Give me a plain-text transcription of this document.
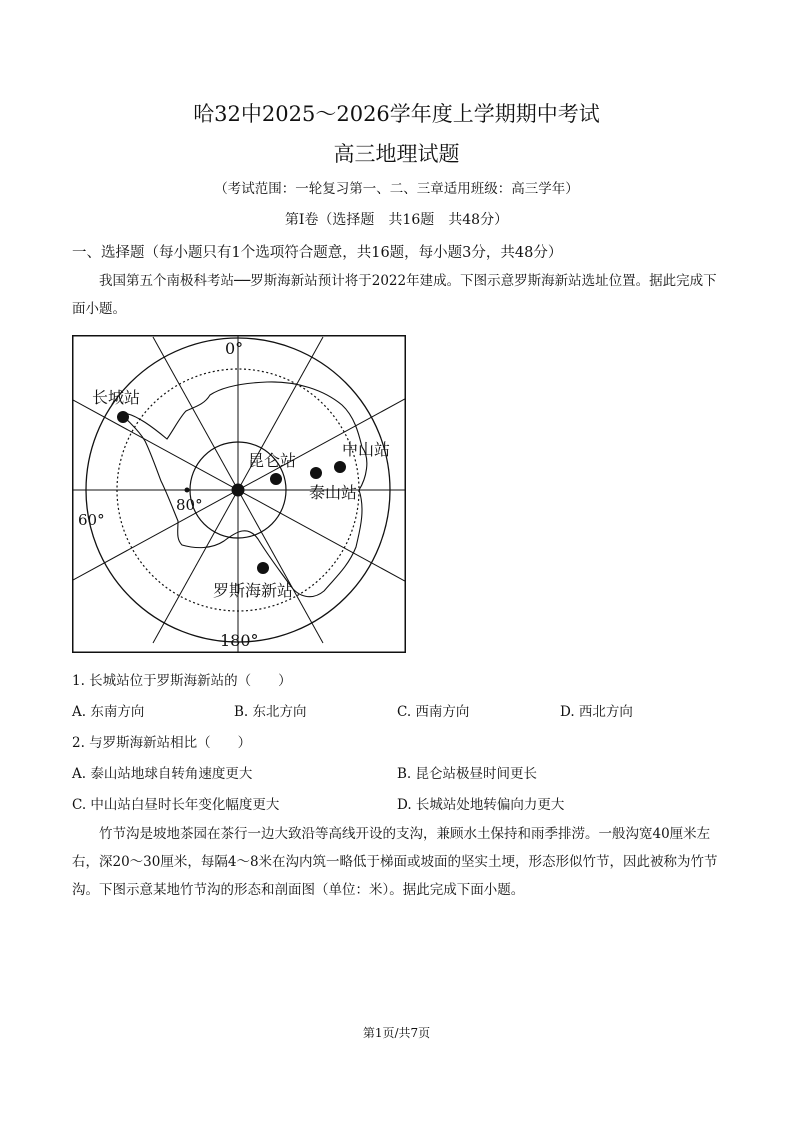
哈32中2025～2026学年度上学期期中考试
高三地理试题
（考试范围：一轮复习第一、二、三章适用班级：高三学年）
第Ⅰ卷（选择题　共16题　共48分）
一、选择题（每小题只有1个选项符合题意，共16题，每小题3分，共48分）
我国第五个南极科考站──罗斯海新站预计将于2022年建成。下图示意罗斯海新站选址位置。据此完成下面小题。
0°
180°
60°
80°
长城站
昆仑站
泰山站
中山站
罗斯海新站
1. 长城站位于罗斯海新站的（　　）
A. 东南方向	B. 东北方向	C. 西南方向	D. 西北方向
2. 与罗斯海新站相比（　　）
A. 泰山站地球自转角速度更大	B. 昆仑站极昼时间更长
C. 中山站白昼时长年变化幅度更大	D. 长城站处地转偏向力更大
竹节沟是坡地茶园在茶行一边大致沿等高线开设的支沟，兼顾水土保持和雨季排涝。一般沟宽40厘米左右，深20～30厘米，每隔4～8米在沟内筑一略低于梯面或坡面的坚实土埂，形态形似竹节，因此被称为竹节沟。下图示意某地竹节沟的形态和剖面图（单位：米）。据此完成下面小题。
第1页/共7页
